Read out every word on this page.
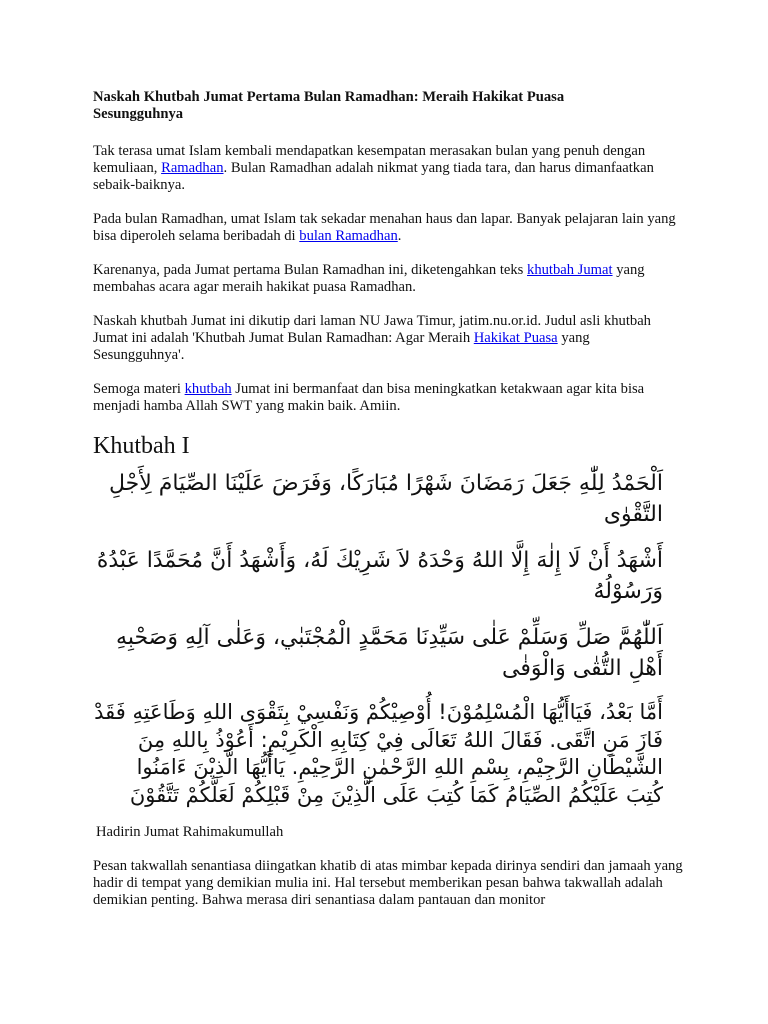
Naskah Khutbah Jumat Pertama Bulan Ramadhan: Meraih Hakikat Puasa Sesungguhnya

Tak terasa umat Islam kembali mendapatkan kesempatan merasakan bulan yang penuh dengan kemuliaan, Ramadhan. Bulan Ramadhan adalah nikmat yang tiada tara, dan harus dimanfaatkan sebaik-baiknya.

Pada bulan Ramadhan, umat Islam tak sekadar menahan haus dan lapar. Banyak pelajaran lain yang bisa diperoleh selama beribadah di bulan Ramadhan.

Karenanya, pada Jumat pertama Bulan Ramadhan ini, diketengahkan teks khutbah Jumat yang membahas acara agar meraih hakikat puasa Ramadhan.

Naskah khutbah Jumat ini dikutip dari laman NU Jawa Timur, jatim.nu.or.id. Judul asli khutbah Jumat ini adalah 'Khutbah Jumat Bulan Ramadhan: Agar Meraih Hakikat Puasa yang Sesungguhnya'.

Semoga materi khutbah Jumat ini bermanfaat dan bisa meningkatkan ketakwaan agar kita bisa menjadi hamba Allah SWT yang makin baik. Amiin.

Khutbah I

اَلْحَمْدُ لِلّٰهِ جَعَلَ رَمَضَانَ شَهْرًا مُبَارَكًا، وَفَرَضَ عَلَيْنَا الصِّيَامَ لِأَجْلِ التَّقْوٰى

أَشْهَدُ أَنْ لَا إِلٰهَ إِلَّا اللهُ وَحْدَهُ لاَ شَرِيْكَ لَهُ، وَأَشْهَدُ أَنَّ مُحَمَّدًا عَبْدُهُ وَرَسُوْلُهُ

اَللّٰهُمَّ صَلِّ وَسَلِّمْ عَلٰى سَيِّدِنَا مَحَمَّدٍ الْمُجْتَبٰي، وَعَلٰى آلِهِ وَصَحْبِهِ أَهْلِ التُّقٰى وَالْوَفٰى

أَمَّا بَعْدُ، فَيَاأَيُّهَا الْمُسْلِمُوْنَ! أُوْصِيْكُمْ وَنَفْسِيْ بِتَقْوَى اللهِ وَطَاعَتِهِ فَقَدْ فَازَ مَنِ اتَّقَى. فَقَالَ اللهُ تَعَالَى فِيْ كِتَابِهِ الْكَرِيْمِ: أَعُوْذُ بِاللهِ مِنَ الشَّيْطَانِ الرَّجِيْمِ، بِسْمِ اللهِ الرَّحْمٰنِ الرَّحِيْمِ. يَاأَيُّهَا الَّذِيْنَ ءَامَنُوا كُتِبَ عَلَيْكُمُ الصِّيَامُ كَمَا كُتِبَ عَلَى الَّذِيْنَ مِنْ قَبْلِكُمْ لَعَلَّكُمْ تَتَّقُوْنَ

Hadirin Jumat Rahimakumullah

Pesan takwallah senantiasa diingatkan khatib di atas mimbar kepada dirinya sendiri dan jamaah yang hadir di tempat yang demikian mulia ini. Hal tersebut memberikan pesan bahwa takwallah adalah demikian penting. Bahwa merasa diri senantiasa dalam pantauan dan monitor
